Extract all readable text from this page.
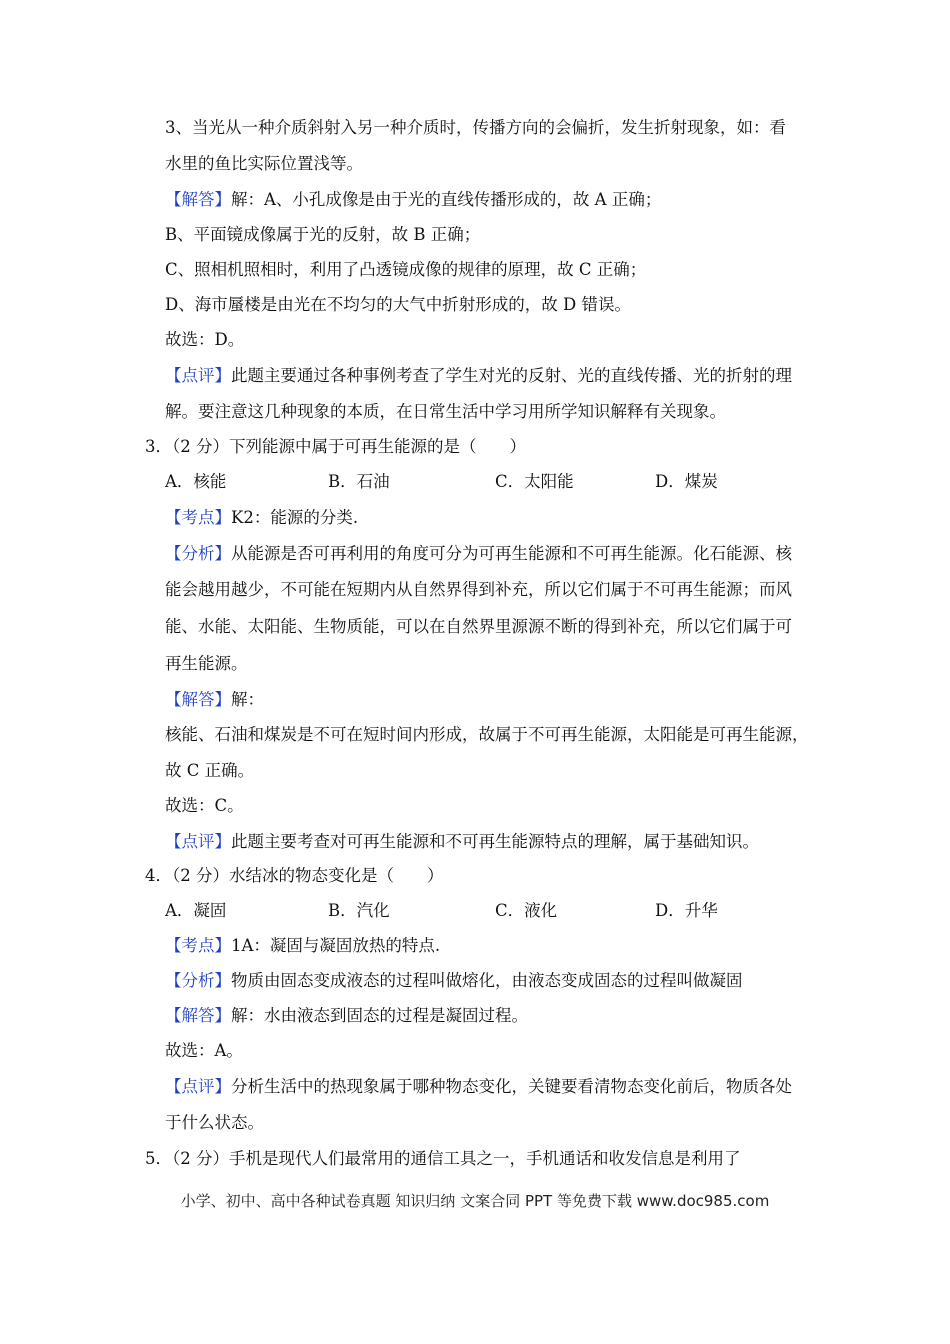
3、当光从一种介质斜射入另一种介质时，传播方向的会偏折，发生折射现象，如：看
水里的鱼比实际位置浅等。
【解答】解：A、小孔成像是由于光的直线传播形成的，故 A 正确；
B、平面镜成像属于光的反射，故 B 正确；
C、照相机照相时，利用了凸透镜成像的规律的原理，故 C 正确；
D、海市蜃楼是由光在不均匀的大气中折射形成的，故 D 错误。
故选：D。
【点评】此题主要通过各种事例考查了学生对光的反射、光的直线传播、光的折射的理
解。要注意这几种现象的本质，在日常生活中学习用所学知识解释有关现象。
3．（2 分）下列能源中属于可再生能源的是（　　）
A．核能	B．石油	C．太阳能	D．煤炭
【考点】K2：能源的分类.
【分析】从能源是否可再利用的角度可分为可再生能源和不可再生能源。化石能源、核
能会越用越少，不可能在短期内从自然界得到补充，所以它们属于不可再生能源；而风
能、水能、太阳能、生物质能，可以在自然界里源源不断的得到补充，所以它们属于可
再生能源。
【解答】解：
核能、石油和煤炭是不可在短时间内形成，故属于不可再生能源，太阳能是可再生能源，
故 C 正确。
故选：C。
【点评】此题主要考查对可再生能源和不可再生能源特点的理解，属于基础知识。
4．（2 分）水结冰的物态变化是（　　）
A．凝固	B．汽化	C．液化	D．升华
【考点】1A：凝固与凝固放热的特点.
【分析】物质由固态变成液态的过程叫做熔化，由液态变成固态的过程叫做凝固
【解答】解：水由液态到固态的过程是凝固过程。
故选：A。
【点评】分析生活中的热现象属于哪种物态变化，关键要看清物态变化前后，物质各处
于什么状态。
5．（2 分）手机是现代人们最常用的通信工具之一，手机通话和收发信息是利用了
小学、初中、高中各种试卷真题 知识归纳 文案合同 PPT 等免费下载 www.doc985.com
